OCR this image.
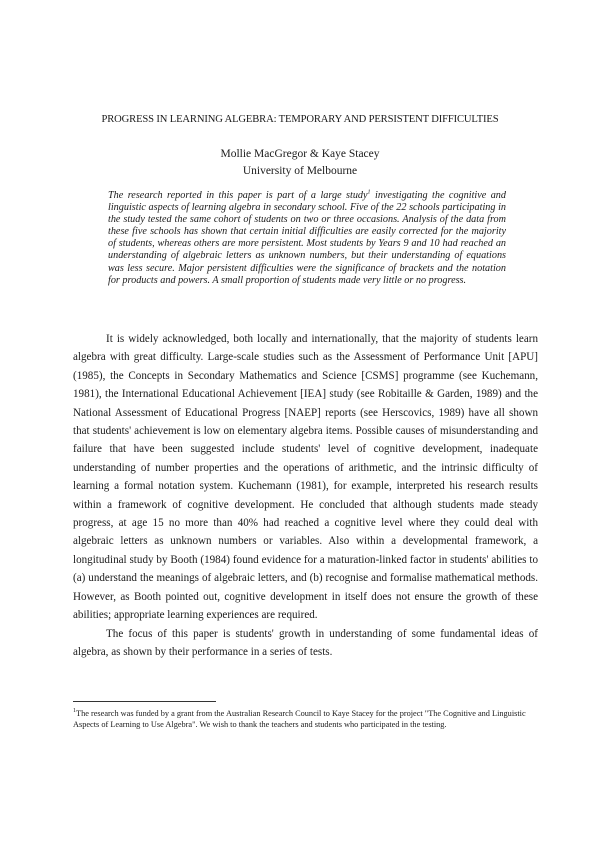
PROGRESS IN LEARNING ALGEBRA: TEMPORARY AND PERSISTENT DIFFICULTIES
Mollie MacGregor & Kaye Stacey
University of Melbourne
The research reported in this paper is part of a large study$^1$ investigating the cognitive and linguistic aspects of learning algebra in secondary school. Five of the 22 schools participating in the study tested the same cohort of students on two or three occasions. Analysis of the data from these five schools has shown that certain initial difficulties are easily corrected for the majority of students, whereas others are more persistent. Most students by Years 9 and 10 had reached an understanding of algebraic letters as unknown numbers, but their understanding of equations was less secure. Major persistent difficulties were the significance of brackets and the notation for products and powers. A small proportion of students made very little or no progress.

It is widely acknowledged, both locally and internationally, that the majority of students learn algebra with great difficulty. Large-scale studies such as the Assessment of Performance Unit [APU] (1985), the Concepts in Secondary Mathematics and Science [CSMS] programme (see Kuchemann, 1981), the International Educational Achievement [IEA] study (see Robitaille & Garden, 1989) and the National Assessment of Educational Progress [NAEP] reports (see Herscovics, 1989) have all shown that students' achievement is low on elementary algebra items. Possible causes of misunderstanding and failure that have been suggested include students' level of cognitive development, inadequate understanding of number properties and the operations of arithmetic, and the intrinsic difficulty of learning a formal notation system. Kuchemann (1981), for example, interpreted his research results within a framework of cognitive development. He concluded that although students made steady progress, at age 15 no more than 40% had reached a cognitive level where they could deal with algebraic letters as unknown numbers or variables. Also within a developmental framework, a longitudinal study by Booth (1984) found evidence for a maturation-linked factor in students' abilities to (a) understand the meanings of algebraic letters, and (b) recognise and formalise mathematical methods. However, as Booth pointed out, cognitive development in itself does not ensure the growth of these abilities; appropriate learning experiences are required.

The focus of this paper is students' growth in understanding of some fundamental ideas of algebra, as shown by their performance in a series of tests.

$^1$The research was funded by a grant from the Australian Research Council to Kaye Stacey for the project "The Cognitive and Linguistic Aspects of Learning to Use Algebra". We wish to thank the teachers and students who participated in the testing.
